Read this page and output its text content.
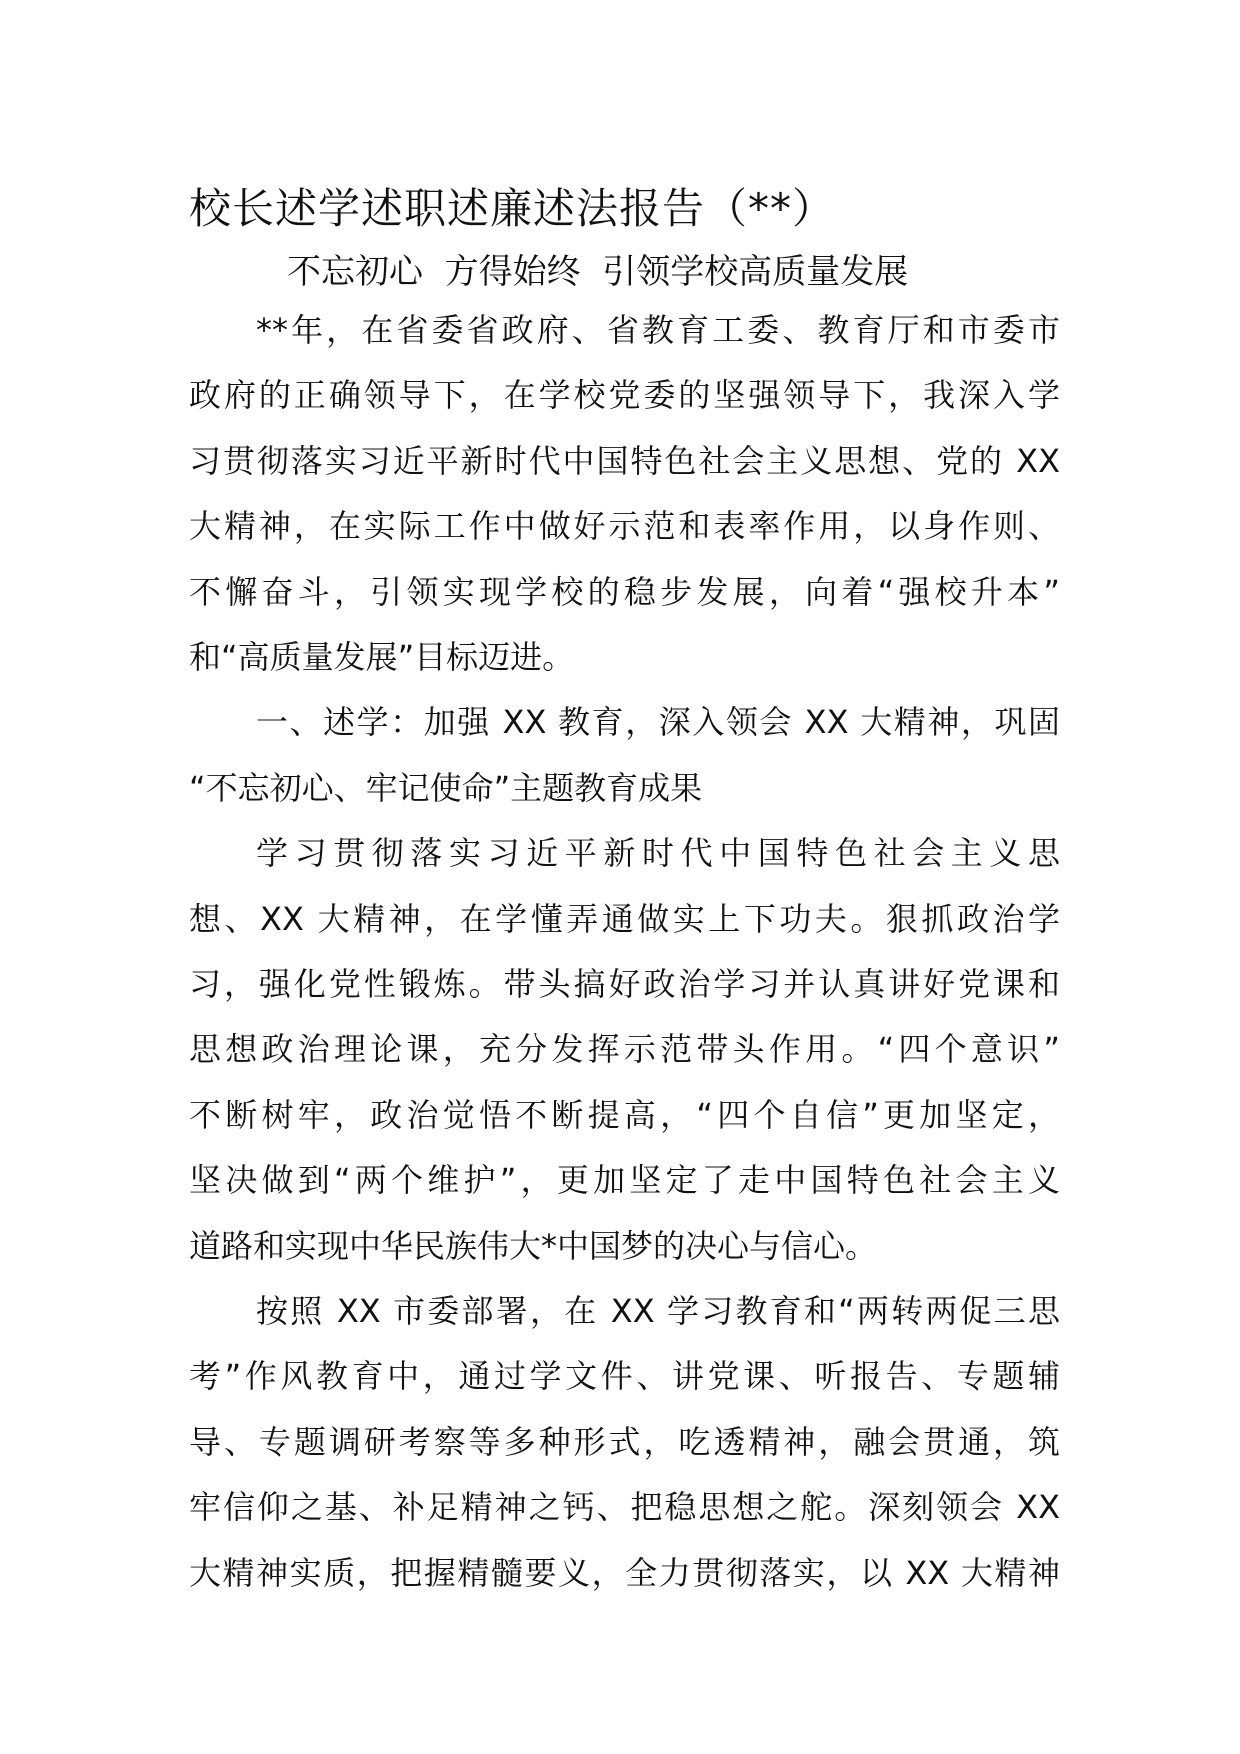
校长述学述职述廉述法报告（**）
不忘初心  方得始终  引领学校高质量发展
**年，在省委省政府、省教育工委、教育厅和市委市
政府的正确领导下，在学校党委的坚强领导下，我深入学
习贯彻落实习近平新时代中国特色社会主义思想、党的 XX
大精神，在实际工作中做好示范和表率作用，以身作则、
不懈奋斗，引领实现学校的稳步发展，向着“强校升本”
和“高质量发展”目标迈进。
一、述学：加强 XX 教育，深入领会 XX 大精神，巩固
“不忘初心、牢记使命”主题教育成果
学习贯彻落实习近平新时代中国特色社会主义思
想、XX 大精神，在学懂弄通做实上下功夫。狠抓政治学
习，强化党性锻炼。带头搞好政治学习并认真讲好党课和
思想政治理论课，充分发挥示范带头作用。“四个意识”
不断树牢，政治觉悟不断提高，“四个自信”更加坚定，
坚决做到“两个维护”，更加坚定了走中国特色社会主义
道路和实现中华民族伟大*中国梦的决心与信心。
按照 XX 市委部署，在 XX 学习教育和“两转两促三思
考”作风教育中，通过学文件、讲党课、听报告、专题辅
导、专题调研考察等多种形式，吃透精神，融会贯通，筑
牢信仰之基、补足精神之钙、把稳思想之舵。深刻领会 XX
大精神实质，把握精髓要义，全力贯彻落实，以 XX 大精神
